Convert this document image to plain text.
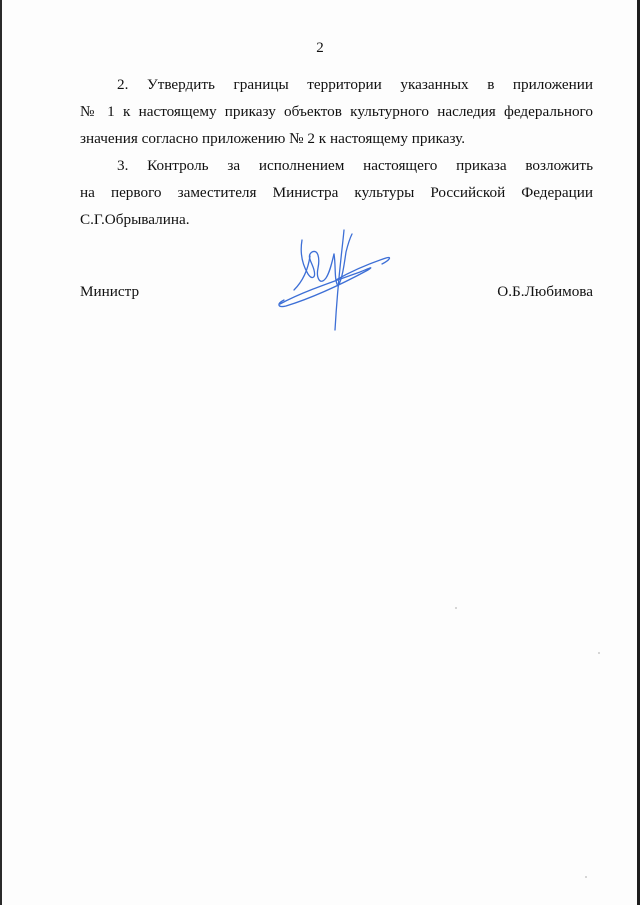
2
2. Утвердить границы территории указанных в приложении
№ 1 к настоящему приказу объектов культурного наследия федерального
значения согласно приложению № 2 к настоящему приказу.
3. Контроль за исполнением настоящего приказа возложить
на первого заместителя Министра культуры Российской Федерации
С.Г.Обрывалина.
Министр	О.Б.Любимова
